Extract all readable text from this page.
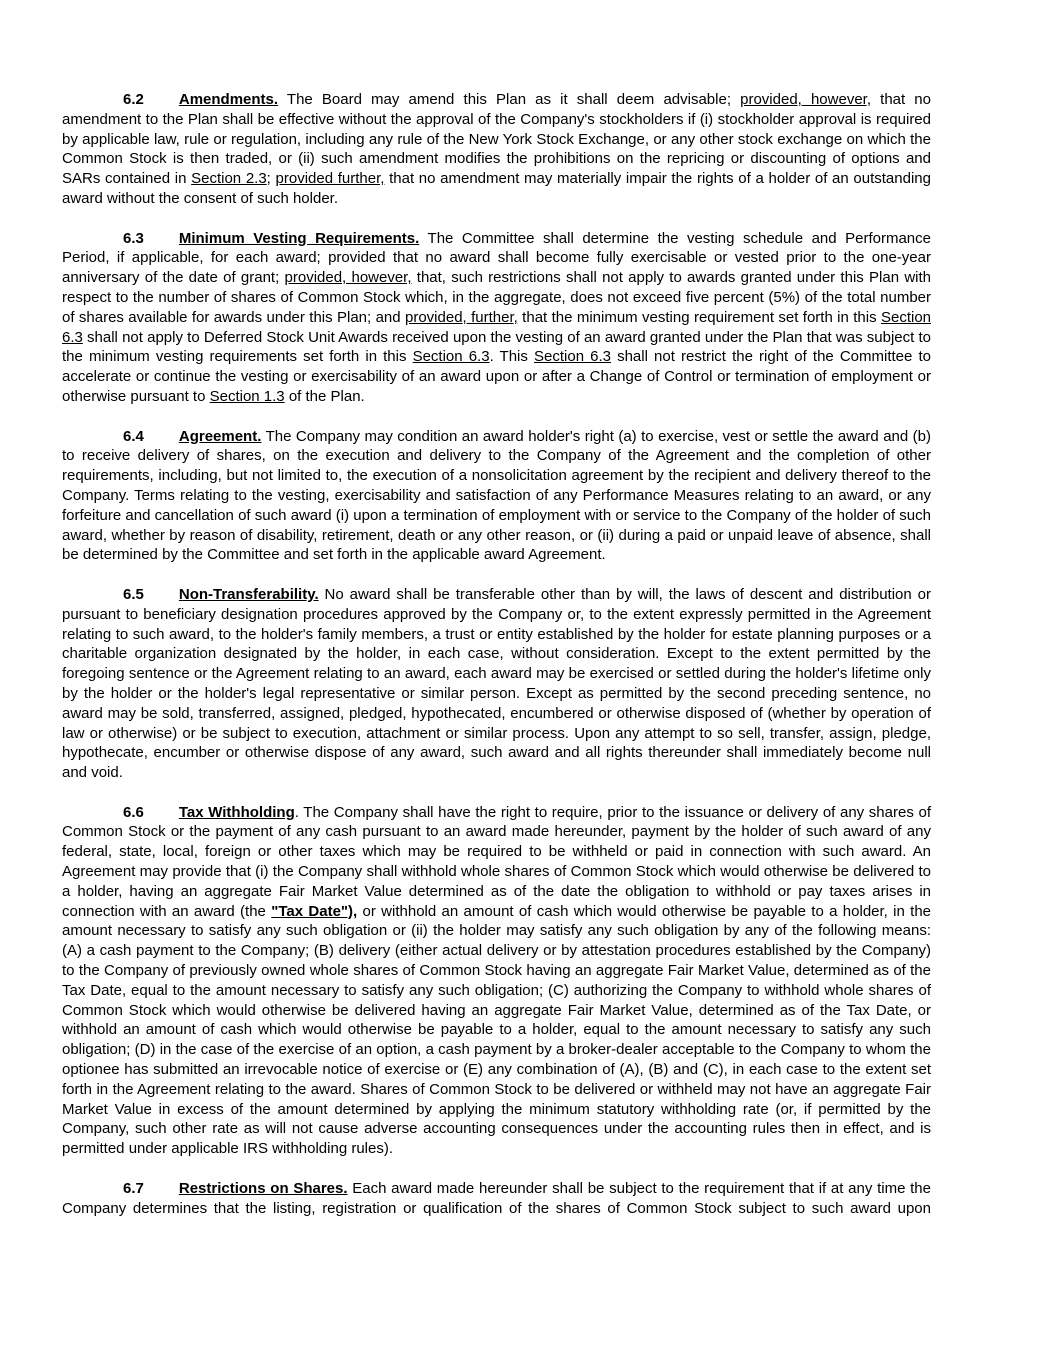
6.2 Amendments. The Board may amend this Plan as it shall deem advisable; provided, however, that no amendment to the Plan shall be effective without the approval of the Company's stockholders if (i) stockholder approval is required by applicable law, rule or regulation, including any rule of the New York Stock Exchange, or any other stock exchange on which the Common Stock is then traded, or (ii) such amendment modifies the prohibitions on the repricing or discounting of options and SARs contained in Section 2.3; provided further, that no amendment may materially impair the rights of a holder of an outstanding award without the consent of such holder.

6.3 Minimum Vesting Requirements. The Committee shall determine the vesting schedule and Performance Period, if applicable, for each award; provided that no award shall become fully exercisable or vested prior to the one-year anniversary of the date of grant; provided, however, that, such restrictions shall not apply to awards granted under this Plan with respect to the number of shares of Common Stock which, in the aggregate, does not exceed five percent (5%) of the total number of shares available for awards under this Plan; and provided, further, that the minimum vesting requirement set forth in this Section 6.3 shall not apply to Deferred Stock Unit Awards received upon the vesting of an award granted under the Plan that was subject to the minimum vesting requirements set forth in this Section 6.3. This Section 6.3 shall not restrict the right of the Committee to accelerate or continue the vesting or exercisability of an award upon or after a Change of Control or termination of employment or otherwise pursuant to Section 1.3 of the Plan.

6.4 Agreement. The Company may condition an award holder's right (a) to exercise, vest or settle the award and (b) to receive delivery of shares, on the execution and delivery to the Company of the Agreement and the completion of other requirements, including, but not limited to, the execution of a nonsolicitation agreement by the recipient and delivery thereof to the Company. Terms relating to the vesting, exercisability and satisfaction of any Performance Measures relating to an award, or any forfeiture and cancellation of such award (i) upon a termination of employment with or service to the Company of the holder of such award, whether by reason of disability, retirement, death or any other reason, or (ii) during a paid or unpaid leave of absence, shall be determined by the Committee and set forth in the applicable award Agreement.

6.5 Non-Transferability. No award shall be transferable other than by will, the laws of descent and distribution or pursuant to beneficiary designation procedures approved by the Company or, to the extent expressly permitted in the Agreement relating to such award, to the holder's family members, a trust or entity established by the holder for estate planning purposes or a charitable organization designated by the holder, in each case, without consideration. Except to the extent permitted by the foregoing sentence or the Agreement relating to an award, each award may be exercised or settled during the holder's lifetime only by the holder or the holder's legal representative or similar person. Except as permitted by the second preceding sentence, no award may be sold, transferred, assigned, pledged, hypothecated, encumbered or otherwise disposed of (whether by operation of law or otherwise) or be subject to execution, attachment or similar process. Upon any attempt to so sell, transfer, assign, pledge, hypothecate, encumber or otherwise dispose of any award, such award and all rights thereunder shall immediately become null and void.

6.6 Tax Withholding. The Company shall have the right to require, prior to the issuance or delivery of any shares of Common Stock or the payment of any cash pursuant to an award made hereunder, payment by the holder of such award of any federal, state, local, foreign or other taxes which may be required to be withheld or paid in connection with such award. An Agreement may provide that (i) the Company shall withhold whole shares of Common Stock which would otherwise be delivered to a holder, having an aggregate Fair Market Value determined as of the date the obligation to withhold or pay taxes arises in connection with an award (the "Tax Date"), or withhold an amount of cash which would otherwise be payable to a holder, in the amount necessary to satisfy any such obligation or (ii) the holder may satisfy any such obligation by any of the following means: (A) a cash payment to the Company; (B) delivery (either actual delivery or by attestation procedures established by the Company) to the Company of previously owned whole shares of Common Stock having an aggregate Fair Market Value, determined as of the Tax Date, equal to the amount necessary to satisfy any such obligation; (C) authorizing the Company to withhold whole shares of Common Stock which would otherwise be delivered having an aggregate Fair Market Value, determined as of the Tax Date, or withhold an amount of cash which would otherwise be payable to a holder, equal to the amount necessary to satisfy any such obligation; (D) in the case of the exercise of an option, a cash payment by a broker-dealer acceptable to the Company to whom the optionee has submitted an irrevocable notice of exercise or (E) any combination of (A), (B) and (C), in each case to the extent set forth in the Agreement relating to the award. Shares of Common Stock to be delivered or withheld may not have an aggregate Fair Market Value in excess of the amount determined by applying the minimum statutory withholding rate (or, if permitted by the Company, such other rate as will not cause adverse accounting consequences under the accounting rules then in effect, and is permitted under applicable IRS withholding rules).

6.7 Restrictions on Shares. Each award made hereunder shall be subject to the requirement that if at any time the Company determines that the listing, registration or qualification of the shares of Common Stock subject to such award upon
